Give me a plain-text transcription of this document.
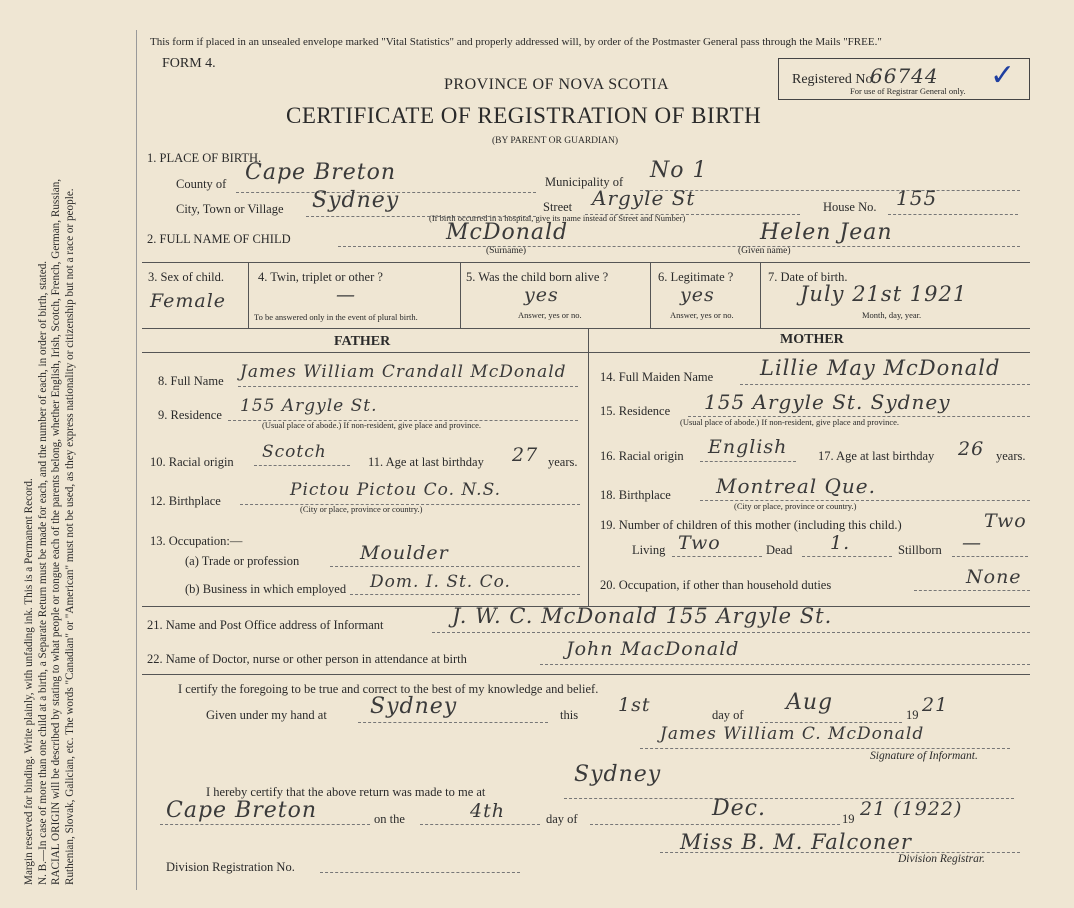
Margin reserved for binding. Write plainly, with unfading ink. This is a Permanent Record. N. B.—In case of more than one child at a birth, a Separate Return must be made for each, and the number of each, in order of birth, stated. RACIAL ORIGIN will be described by stating to what people or tongue each of the parents belong, whether English, Irish, Scotch, French, German, Russian, Ruthenian, Slovak, Galician, etc. The words "Canadian" or "American" must not be used, as they express nationality or citizenship but not a race or people.
This form if placed in an unsealed envelope marked "Vital Statistics" and properly addressed will, by order of the Postmaster General pass through the Mails "FREE."
FORM 4.
PROVINCE OF NOVA SCOTIA
CERTIFICATE OF REGISTRATION OF BIRTH
(BY PARENT OR GUARDIAN)
Registered No.
66744 ✓
For use of Registrar General only.
1. PLACE OF BIRTH.
County of Cape Breton	Municipality of No 1
City, Town or Village Sydney	Street Argyle St	House No. 155
(If birth occurred in a hospital, give its name instead of Street and Number)
2. FULL NAME OF CHILD	McDonald	Helen Jean
(Surname)	(Given name)
3. Sex of child.
Female
4. Twin, triplet or other ?
—
To be answered only in the event of plural birth.
5. Was the child born alive ?
yes
Answer, yes or no.
6. Legitimate ?
yes
Answer, yes or no.
7. Date of birth.
July 21st 1921
Month, day, year.
FATHER	MOTHER
8. Full Name James William Crandall McDonald
9. Residence 155 Argyle St.
(Usual place of abode.) If non-resident, give place and province.
10. Racial origin Scotch	11. Age at last birthday 27 years.
12. Birthplace
Pictou Pictou Co. N.S.
(City or place, province or country.)
13. Occupation:—
(a) Trade or profession	Moulder
(b) Business in which employed Dom. I. St. Co.
14. Full Maiden Name Lillie May McDonald
15. Residence 155 Argyle St. Sydney
(Usual place of abode.) If non-resident, give place and province.
16. Racial origin English 17. Age at last birthday 26 years.
18. Birthplace Montreal Que.
(City or place, province or country.)
19. Number of children of this mother (including this child.)	Two
Living Two	Dead 1.	Stillborn —
20. Occupation, if other than household duties	None
21. Name and Post Office address of Informant	J. W. C. McDonald 155 Argyle St.
22. Name of Doctor, nurse or other person in attendance at birth	John MacDonald
I certify the foregoing to be true and correct to the best of my knowledge and belief.
Given under my hand at Sydney	this 1st	day of Aug	19 21
James William C. McDonald
Signature of Informant.
I hereby certify that the above return was made to me at
Sydney
Cape Breton	on the	4th	day of	Dec.	19 21 (1922)
Division Registration No.
Miss B. M. Falconer
Division Registrar.
